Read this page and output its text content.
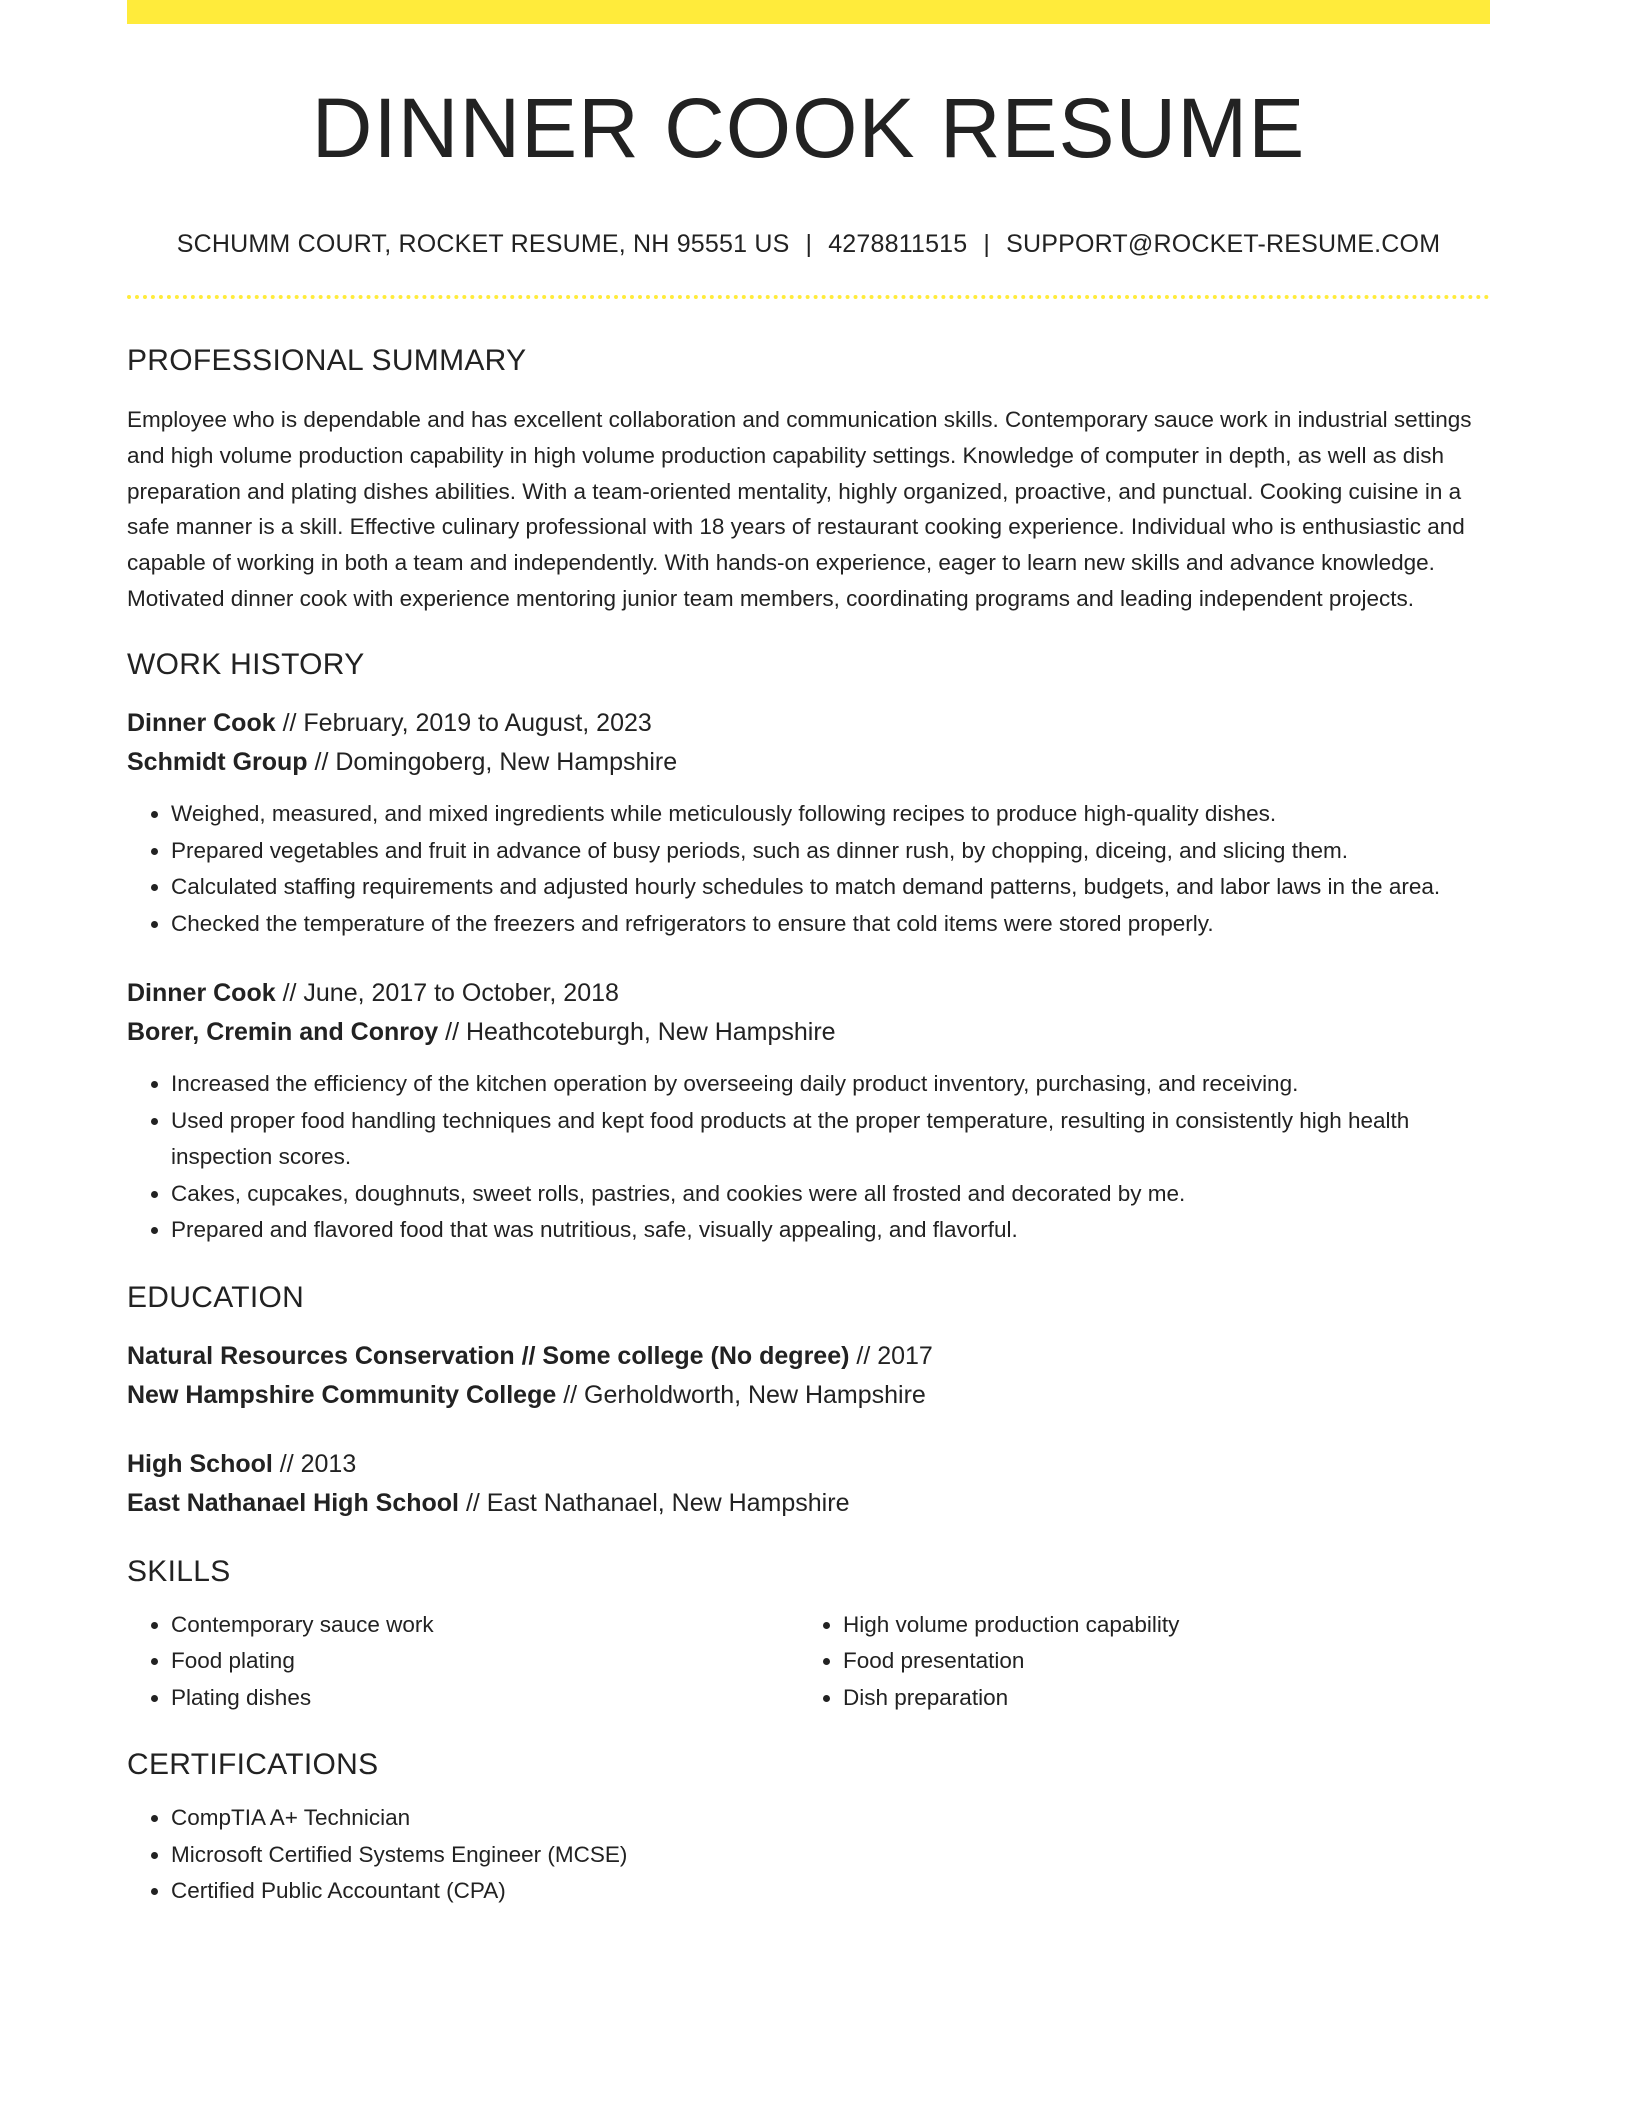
DINNER COOK RESUME
SCHUMM COURT, ROCKET RESUME, NH 95551 US | 4278811515 | SUPPORT@ROCKET-RESUME.COM
PROFESSIONAL SUMMARY

Employee who is dependable and has excellent collaboration and communication skills. Contemporary sauce work in industrial settings and high volume production capability in high volume production capability settings. Knowledge of computer in depth, as well as dish preparation and plating dishes abilities. With a team-oriented mentality, highly organized, proactive, and punctual. Cooking cuisine in a safe manner is a skill. Effective culinary professional with 18 years of restaurant cooking experience. Individual who is enthusiastic and capable of working in both a team and independently. With hands-on experience, eager to learn new skills and advance knowledge. Motivated dinner cook with experience mentoring junior team members, coordinating programs and leading independent projects.

WORK HISTORY
Dinner Cook // February, 2019 to August, 2023
Schmidt Group // Domingoberg, New Hampshire
• Weighed, measured, and mixed ingredients while meticulously following recipes to produce high-quality dishes.
• Prepared vegetables and fruit in advance of busy periods, such as dinner rush, by chopping, diceing, and slicing them.
• Calculated staffing requirements and adjusted hourly schedules to match demand patterns, budgets, and labor laws in the area.
• Checked the temperature of the freezers and refrigerators to ensure that cold items were stored properly.
Dinner Cook // June, 2017 to October, 2018
Borer, Cremin and Conroy // Heathcoteburgh, New Hampshire
• Increased the efficiency of the kitchen operation by overseeing daily product inventory, purchasing, and receiving.
• Used proper food handling techniques and kept food products at the proper temperature, resulting in consistently high health inspection scores.
• Cakes, cupcakes, doughnuts, sweet rolls, pastries, and cookies were all frosted and decorated by me.
• Prepared and flavored food that was nutritious, safe, visually appealing, and flavorful.
EDUCATION
Natural Resources Conservation // Some college (No degree) // 2017
New Hampshire Community College // Gerholdworth, New Hampshire
High School // 2013
East Nathanael High School // East Nathanael, New Hampshire
SKILLS
• Contemporary sauce work
• Food plating
• Plating dishes
• High volume production capability
• Food presentation
• Dish preparation
CERTIFICATIONS
• CompTIA A+ Technician
• Microsoft Certified Systems Engineer (MCSE)
• Certified Public Accountant (CPA)
